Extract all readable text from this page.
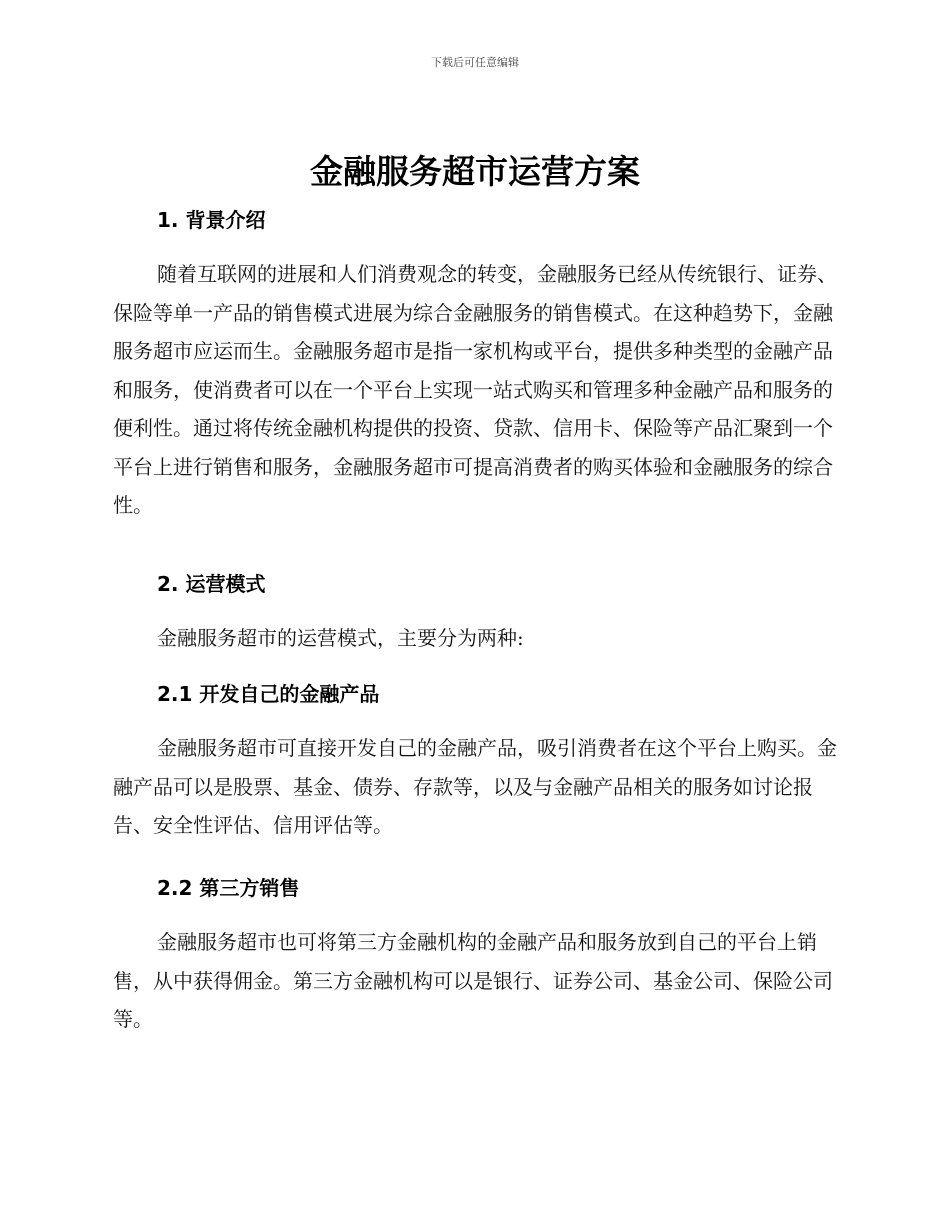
下载后可任意编辑
金融服务超市运营方案
1. 背景介绍

随着互联网的进展和人们消费观念的转变，金融服务已经从传统银行、证券、保险等单一产品的销售模式进展为综合金融服务的销售模式。在这种趋势下，金融服务超市应运而生。金融服务超市是指一家机构或平台，提供多种类型的金融产品和服务，使消费者可以在一个平台上实现一站式购买和管理多种金融产品和服务的便利性。通过将传统金融机构提供的投资、贷款、信用卡、保险等产品汇聚到一个平台上进行销售和服务，金融服务超市可提高消费者的购买体验和金融服务的综合性。

2. 运营模式

金融服务超市的运营模式，主要分为两种:

2.1 开发自己的金融产品

金融服务超市可直接开发自己的金融产品，吸引消费者在这个平台上购买。金融产品可以是股票、基金、债券、存款等，以及与金融产品相关的服务如讨论报告、安全性评估、信用评估等。

2.2 第三方销售

金融服务超市也可将第三方金融机构的金融产品和服务放到自己的平台上销售，从中获得佣金。第三方金融机构可以是银行、证券公司、基金公司、保险公司等。
